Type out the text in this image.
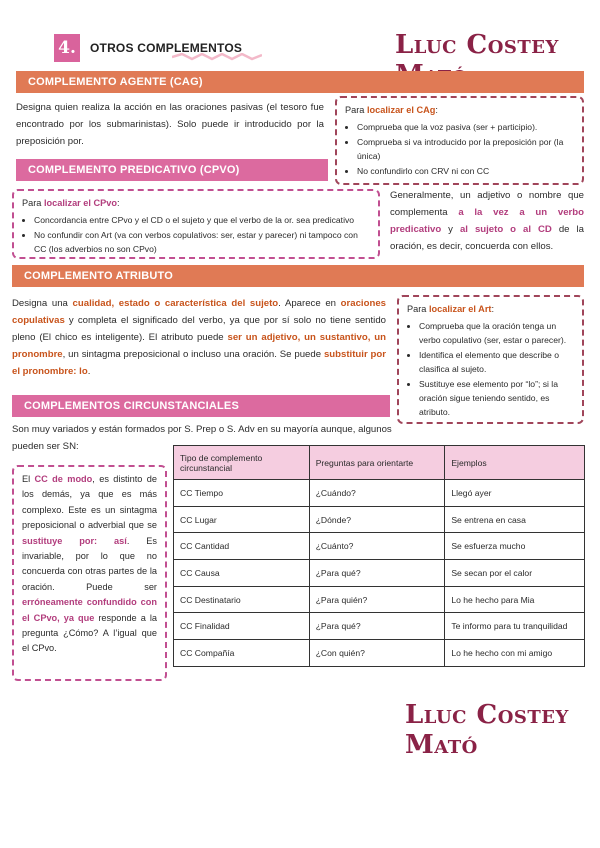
4.	OTROS COMPLEMENTOS	Lluc Costey
COMPLEMENTO AGENTE (CAG)
Designa quien realiza la acción en las oraciones pasivas (el tesoro fue encontrado por los submarinistas). Solo puede ir introducido por la preposición por.
Para localizar el CAg:
• Comprueba que la voz pasiva (ser + participio).
• Comprueba si va introducido por la preposición por (la única)
• No confundirlo con CRV ni con CC
COMPLEMENTO PREDICATIVO (CPVO)
Para localizar el CPvo:
• Concordancia entre CPvo y el CD o el sujeto y que el verbo de la or. sea predicativo
• No confundir con Art (va con verbos copulativos: ser, estar y parecer) ni tampoco con CC (los adverbios no son CPvo)
Generalmente, un adjetivo o nombre que complementa a la vez a un verbo predicativo y al sujeto o al CD de la oración, es decir, concuerda con ellos.
COMPLEMENTO ATRIBUTO
Designa una cualidad, estado o característica del sujeto. Aparece en oraciones copulativas y completa el significado del verbo, ya que por sí solo no tiene sentido pleno (El chico es inteligente). El atributo puede ser un adjetivo, un sustantivo, un pronombre, un sintagma preposicional o incluso una oración. Se puede substituir por el pronombre: lo.
Para localizar el Art:
• Comprueba que la oración tenga un verbo copulativo (ser, estar o parecer).
• Identifica el elemento que describe o clasifica al sujeto.
• Sustituye ese elemento por “lo”; si la oración sigue teniendo sentido, es atributo.
COMPLEMENTOS CIRCUNSTANCIALES
Son muy variados y están formados por S. Prep o S. Adv en su mayoría aunque, algunos pueden ser SN:
El CC de modo, es distinto de los demás, ya que es más complexo. Este es un sintagma preposicional o adverbial que se sustituye por: así. Es invariable, por lo que no concuerda con otras partes de la oración. Puede ser erróneamente confundido con el CPvo, ya que responde a la pregunta ¿Cómo? A l’igual que el CPvo.
Tipo de complemento circunstancial	Preguntas para orientarte	Ejemplos
CC Tiempo	¿Cuándo?	Llegó ayer
CC Lugar	¿Dónde?	Se entrena en casa
CC Cantidad	¿Cuánto?	Se esfuerza mucho
CC Causa	¿Para qué?	Se secan por el calor
CC Destinatario	¿Para quién?	Lo he hecho para Mia
CC Finalidad	¿Para qué?	Te informo para tu tranquilidad
CC Compañía	¿Con quién?	Lo he hecho con mi amigo
Lluc Costey Mató
